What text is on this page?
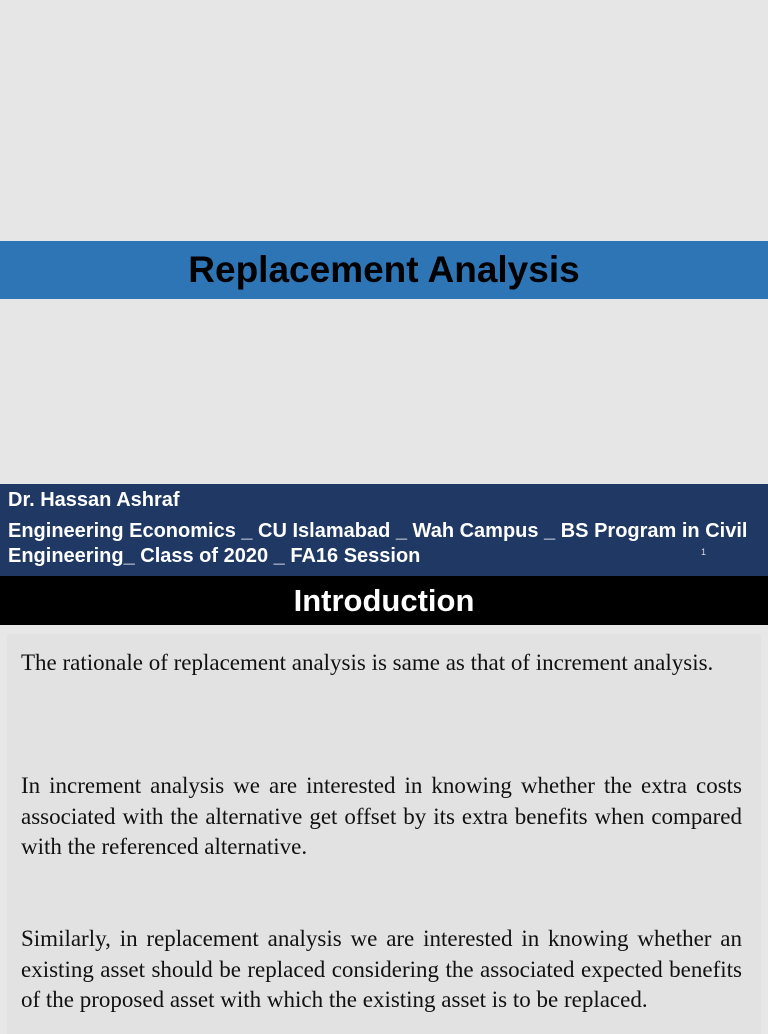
Replacement Analysis
Dr. Hassan Ashraf
Engineering Economics _ CU Islamabad _ Wah Campus _ BS Program in Civil Engineering_ Class of 2020 _ FA16 Session	1
Introduction
The rationale of replacement analysis is same as that of increment analysis.
In increment analysis we are interested in knowing whether the extra costs associated with the alternative get offset by its extra benefits when compared with the referenced alternative.
Similarly, in replacement analysis we are interested in knowing whether an existing asset should be replaced considering the associated expected benefits of the proposed asset with which the existing asset is to be replaced.
